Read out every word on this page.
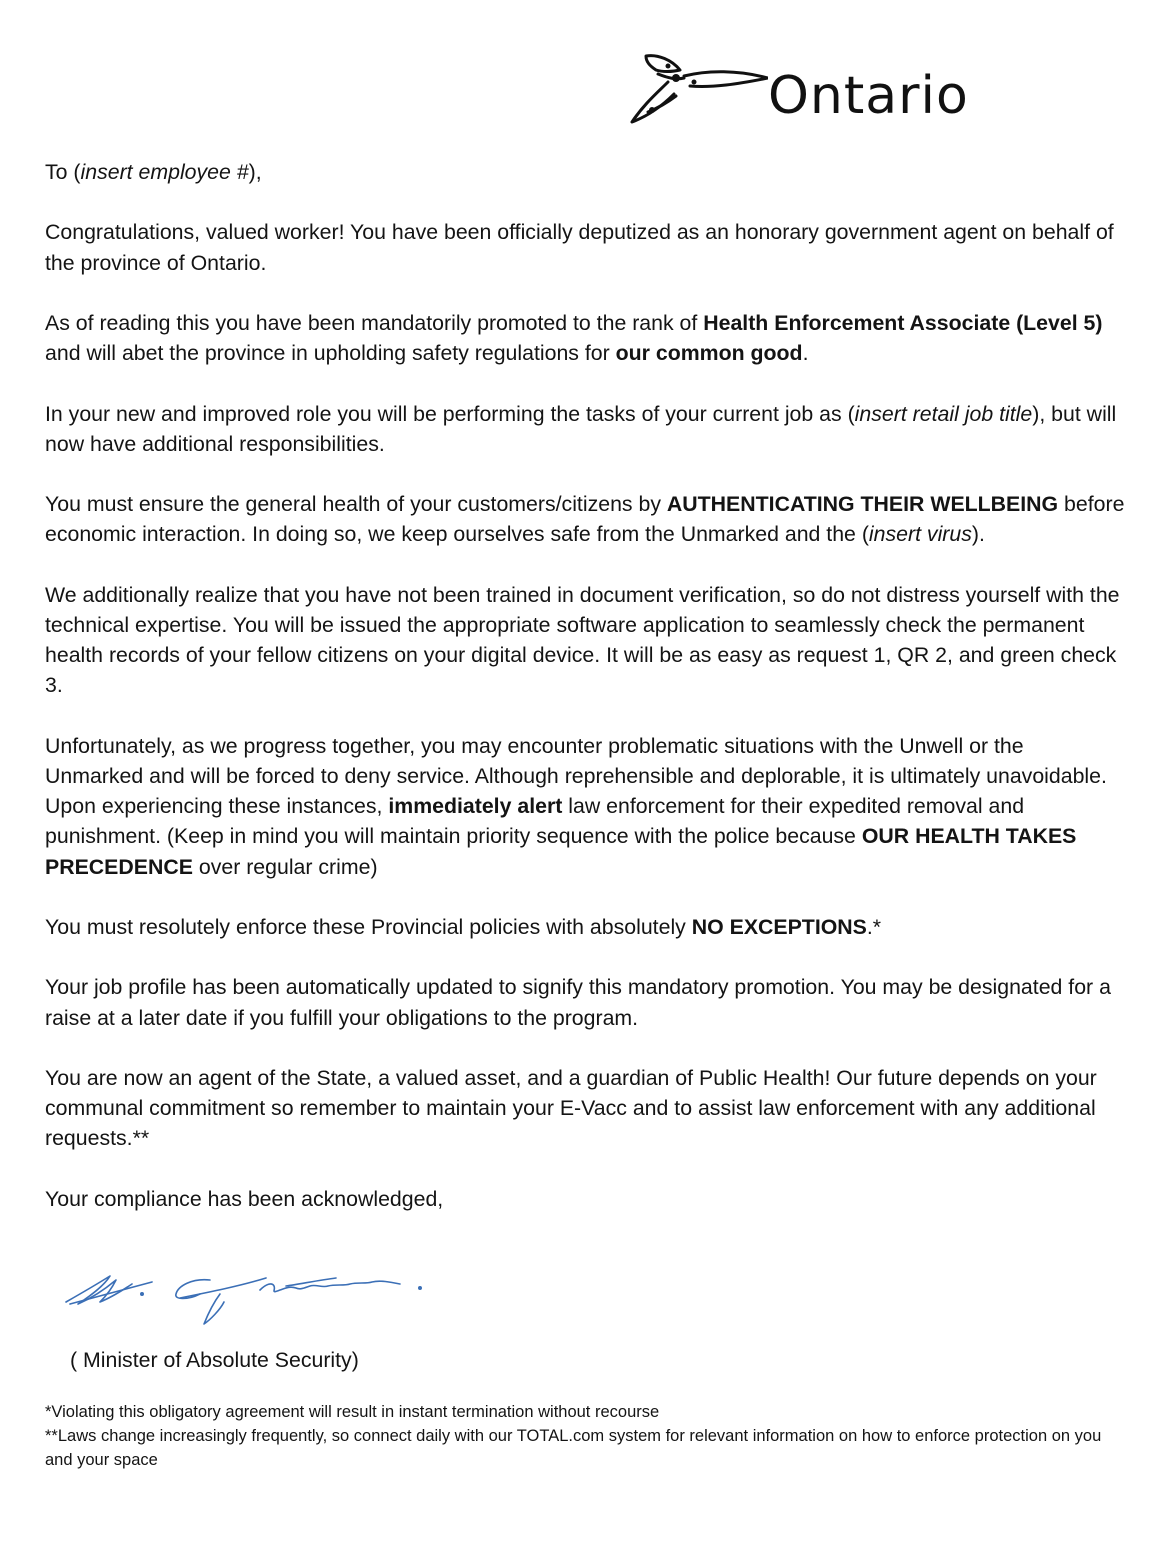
Ontario

To (insert employee #),

Congratulations, valued worker! You have been officially deputized as an honorary government agent on behalf of the province of Ontario.

As of reading this you have been mandatorily promoted to the rank of Health Enforcement Associate (Level 5) and will abet the province in upholding safety regulations for our common good.

In your new and improved role you will be performing the tasks of your current job as (insert retail job title), but will now have additional responsibilities.

You must ensure the general health of your customers/citizens by AUTHENTICATING THEIR WELLBEING before economic interaction. In doing so, we keep ourselves safe from the Unmarked and the (insert virus).

We additionally realize that you have not been trained in document verification, so do not distress yourself with the technical expertise. You will be issued the appropriate software application to seamlessly check the permanent health records of your fellow citizens on your digital device. It will be as easy as request 1, QR 2, and green check 3.

Unfortunately, as we progress together, you may encounter problematic situations with the Unwell or the Unmarked and will be forced to deny service. Although reprehensible and deplorable, it is ultimately unavoidable. Upon experiencing these instances, immediately alert law enforcement for their expedited removal and punishment. (Keep in mind you will maintain priority sequence with the police because OUR HEALTH TAKES PRECEDENCE over regular crime)

You must resolutely enforce these Provincial policies with absolutely NO EXCEPTIONS.*

Your job profile has been automatically updated to signify this mandatory promotion. You may be designated for a raise at a later date if you fulfill your obligations to the program.

You are now an agent of the State, a valued asset, and a guardian of Public Health! Our future depends on your communal commitment so remember to maintain your E-Vacc and to assist law enforcement with any additional requests.**

Your compliance has been acknowledged,

( Minister of Absolute Security)

*Violating this obligatory agreement will result in instant termination without recourse

**Laws change increasingly frequently, so connect daily with our TOTAL.com system for relevant information on how to enforce protection on you and your space
